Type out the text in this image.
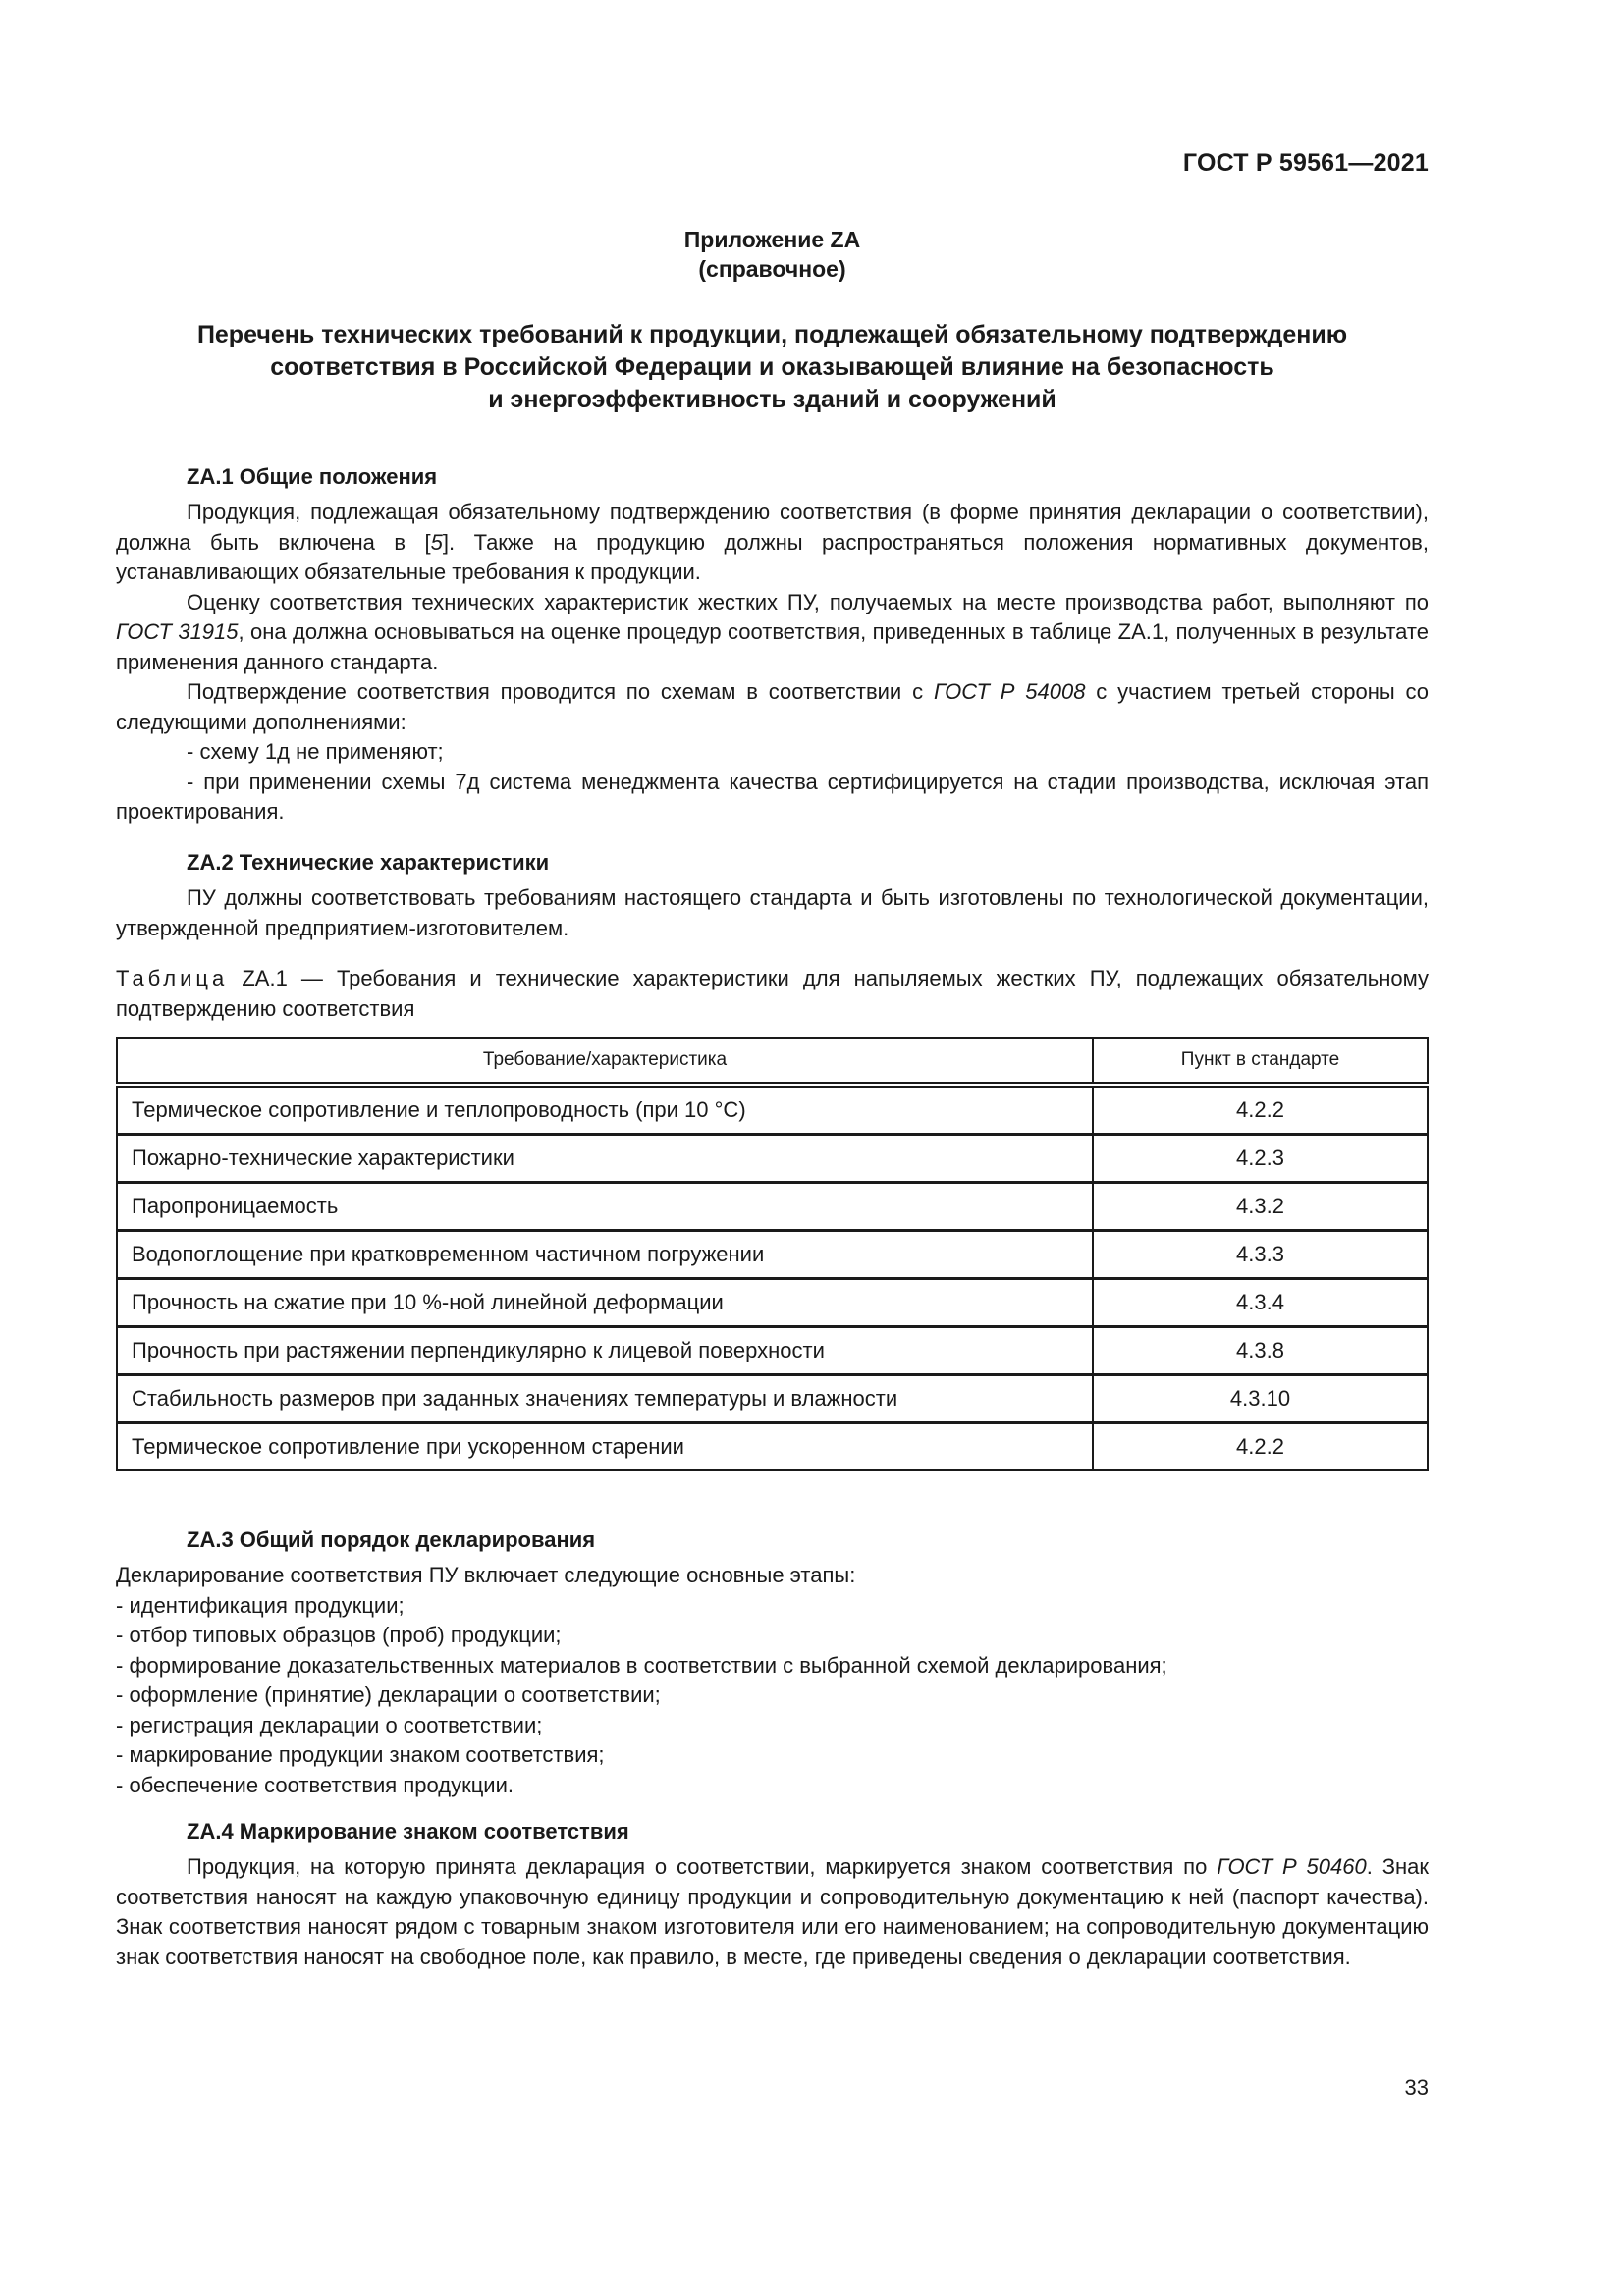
ГОСТ Р 59561—2021
Приложение ZA
(справочное)
Перечень технических требований к продукции, подлежащей обязательному подтверждению
соответствия в Российской Федерации и оказывающей влияние на безопасность
и энергоэффективность зданий и сооружений
ZA.1 Общие положения

Продукция, подлежащая обязательному подтверждению соответствия (в форме принятия декларации о соответствии), должна быть включена в [5]. Также на продукцию должны распространяться положения нормативных документов, устанавливающих обязательные требования к продукции.

Оценку соответствия технических характеристик жестких ПУ, получаемых на месте производства работ, выполняют по ГОСТ 31915, она должна основываться на оценке процедур соответствия, приведенных в таблице ZA.1, полученных в результате применения данного стандарта.

Подтверждение соответствия проводится по схемам в соответствии с ГОСТ Р 54008 с участием третьей стороны со следующими дополнениями:

- схему 1д не применяют;

- при применении схемы 7д система менеджмента качества сертифицируется на стадии производства, исключая этап проектирования.

ZA.2 Технические характеристики

ПУ должны соответствовать требованиям настоящего стандарта и быть изготовлены по технологической документации, утвержденной предприятием-изготовителем.

Таблица ZA.1 — Требования и технические характеристики для напыляемых жестких ПУ, подлежащих обязательному подтверждению соответствия
Требование/характеристика	Пункт в стандарте
Термическое сопротивление и теплопроводность (при 10 °С)	4.2.2
Пожарно-технические характеристики	4.2.3
Паропроницаемость	4.3.2
Водопоглощение при кратковременном частичном погружении	4.3.3
Прочность на сжатие при 10 %-ной линейной деформации	4.3.4
Прочность при растяжении перпендикулярно к лицевой поверхности	4.3.8
Стабильность размеров при заданных значениях температуры и влажности	4.3.10
Термическое сопротивление при ускоренном старении	4.2.2
ZA.3 Общий порядок декларирования

Декларирование соответствия ПУ включает следующие основные этапы:

- идентификация продукции;

- отбор типовых образцов (проб) продукции;

- формирование доказательственных материалов в соответствии с выбранной схемой декларирования;

- оформление (принятие) декларации о соответствии;

- регистрация декларации о соответствии;

- маркирование продукции знаком соответствия;

- обеспечение соответствия продукции.

ZA.4 Маркирование знаком соответствия

Продукция, на которую принята декларация о соответствии, маркируется знаком соответствия по ГОСТ Р 50460. Знак соответствия наносят на каждую упаковочную единицу продукции и сопроводительную документацию к ней (паспорт качества). Знак соответствия наносят рядом с товарным знаком изготовителя или его наименованием; на сопроводительную документацию знак соответствия наносят на свободное поле, как правило, в месте, где приведены сведения о декларации соответствия.

33
